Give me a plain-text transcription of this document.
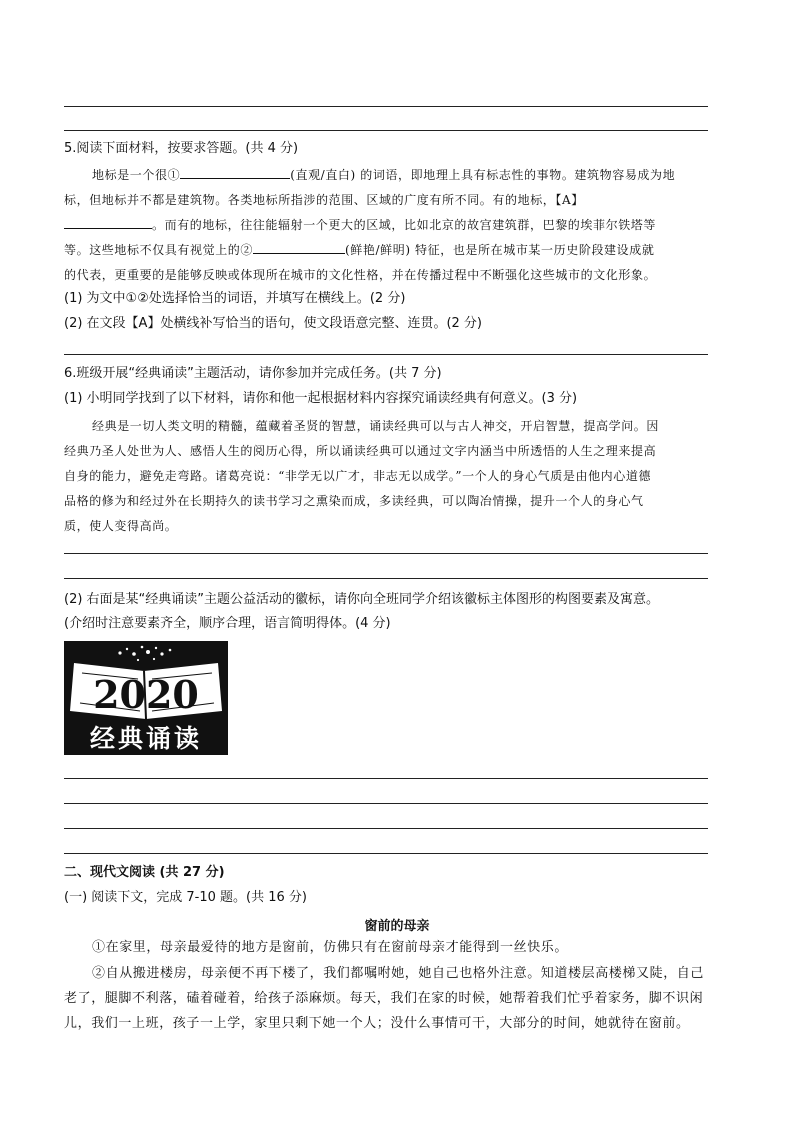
5.阅读下面材料，按要求答题。(共 4 分)
地标是一个很①	(直观/直白) 的词语，即地理上具有标志性的事物。建筑物容易成为地
标，但地标并不都是建筑物。各类地标所指涉的范围、区域的广度有所不同。有的地标，【A】
。而有的地标，往往能辐射一个更大的区域，比如北京的故宫建筑群，巴黎的埃菲尔铁塔等
等。这些地标不仅具有视觉上的②	(鲜艳/鲜明) 特征，也是所在城市某一历史阶段建设成就
的代表，更重要的是能够反映或体现所在城市的文化性格，并在传播过程中不断强化这些城市的文化形象。
(1) 为文中①②处选择恰当的词语，并填写在横线上。(2 分)
(2) 在文段【A】处横线补写恰当的语句，使文段语意完整、连贯。(2 分)
6.班级开展“经典诵读”主题活动，请你参加并完成任务。(共 7 分)
(1) 小明同学找到了以下材料，请你和他一起根据材料内容探究诵读经典有何意义。(3 分)
经典是一切人类文明的精髓，蕴藏着圣贤的智慧，诵读经典可以与古人神交，开启智慧，提高学问。因
经典乃圣人处世为人、感悟人生的阅历心得，所以诵读经典可以通过文字内涵当中所透悟的人生之理来提高
自身的能力，避免走弯路。诸葛亮说：“非学无以广才，非志无以成学。”一个人的身心气质是由他内心道德
品格的修为和经过外在长期持久的读书学习之熏染而成，多读经典，可以陶冶情操，提升一个人的身心气
质，使人变得高尚。
(2) 右面是某“经典诵读”主题公益活动的徽标，请你向全班同学介绍该徽标主体图形的构图要素及寓意。
(介绍时注意要素齐全，顺序合理，语言简明得体。(4 分)
2020
经典诵读
二、现代文阅读 (共 27 分)
(一) 阅读下文，完成 7-10 题。(共 16 分)
窗前的母亲
①在家里，母亲最爱待的地方是窗前，仿佛只有在窗前母亲才能得到一丝快乐。
②自从搬进楼房，母亲便不再下楼了，我们都嘱咐她，她自己也格外注意。知道楼层高楼梯又陡，自己
老了，腿脚不利落，磕着碰着，给孩子添麻烦。每天，我们在家的时候，她帮着我们忙乎着家务，脚不识闲
儿，我们一上班，孩子一上学，家里只剩下她一个人；没什么事情可干，大部分的时间，她就待在窗前。
